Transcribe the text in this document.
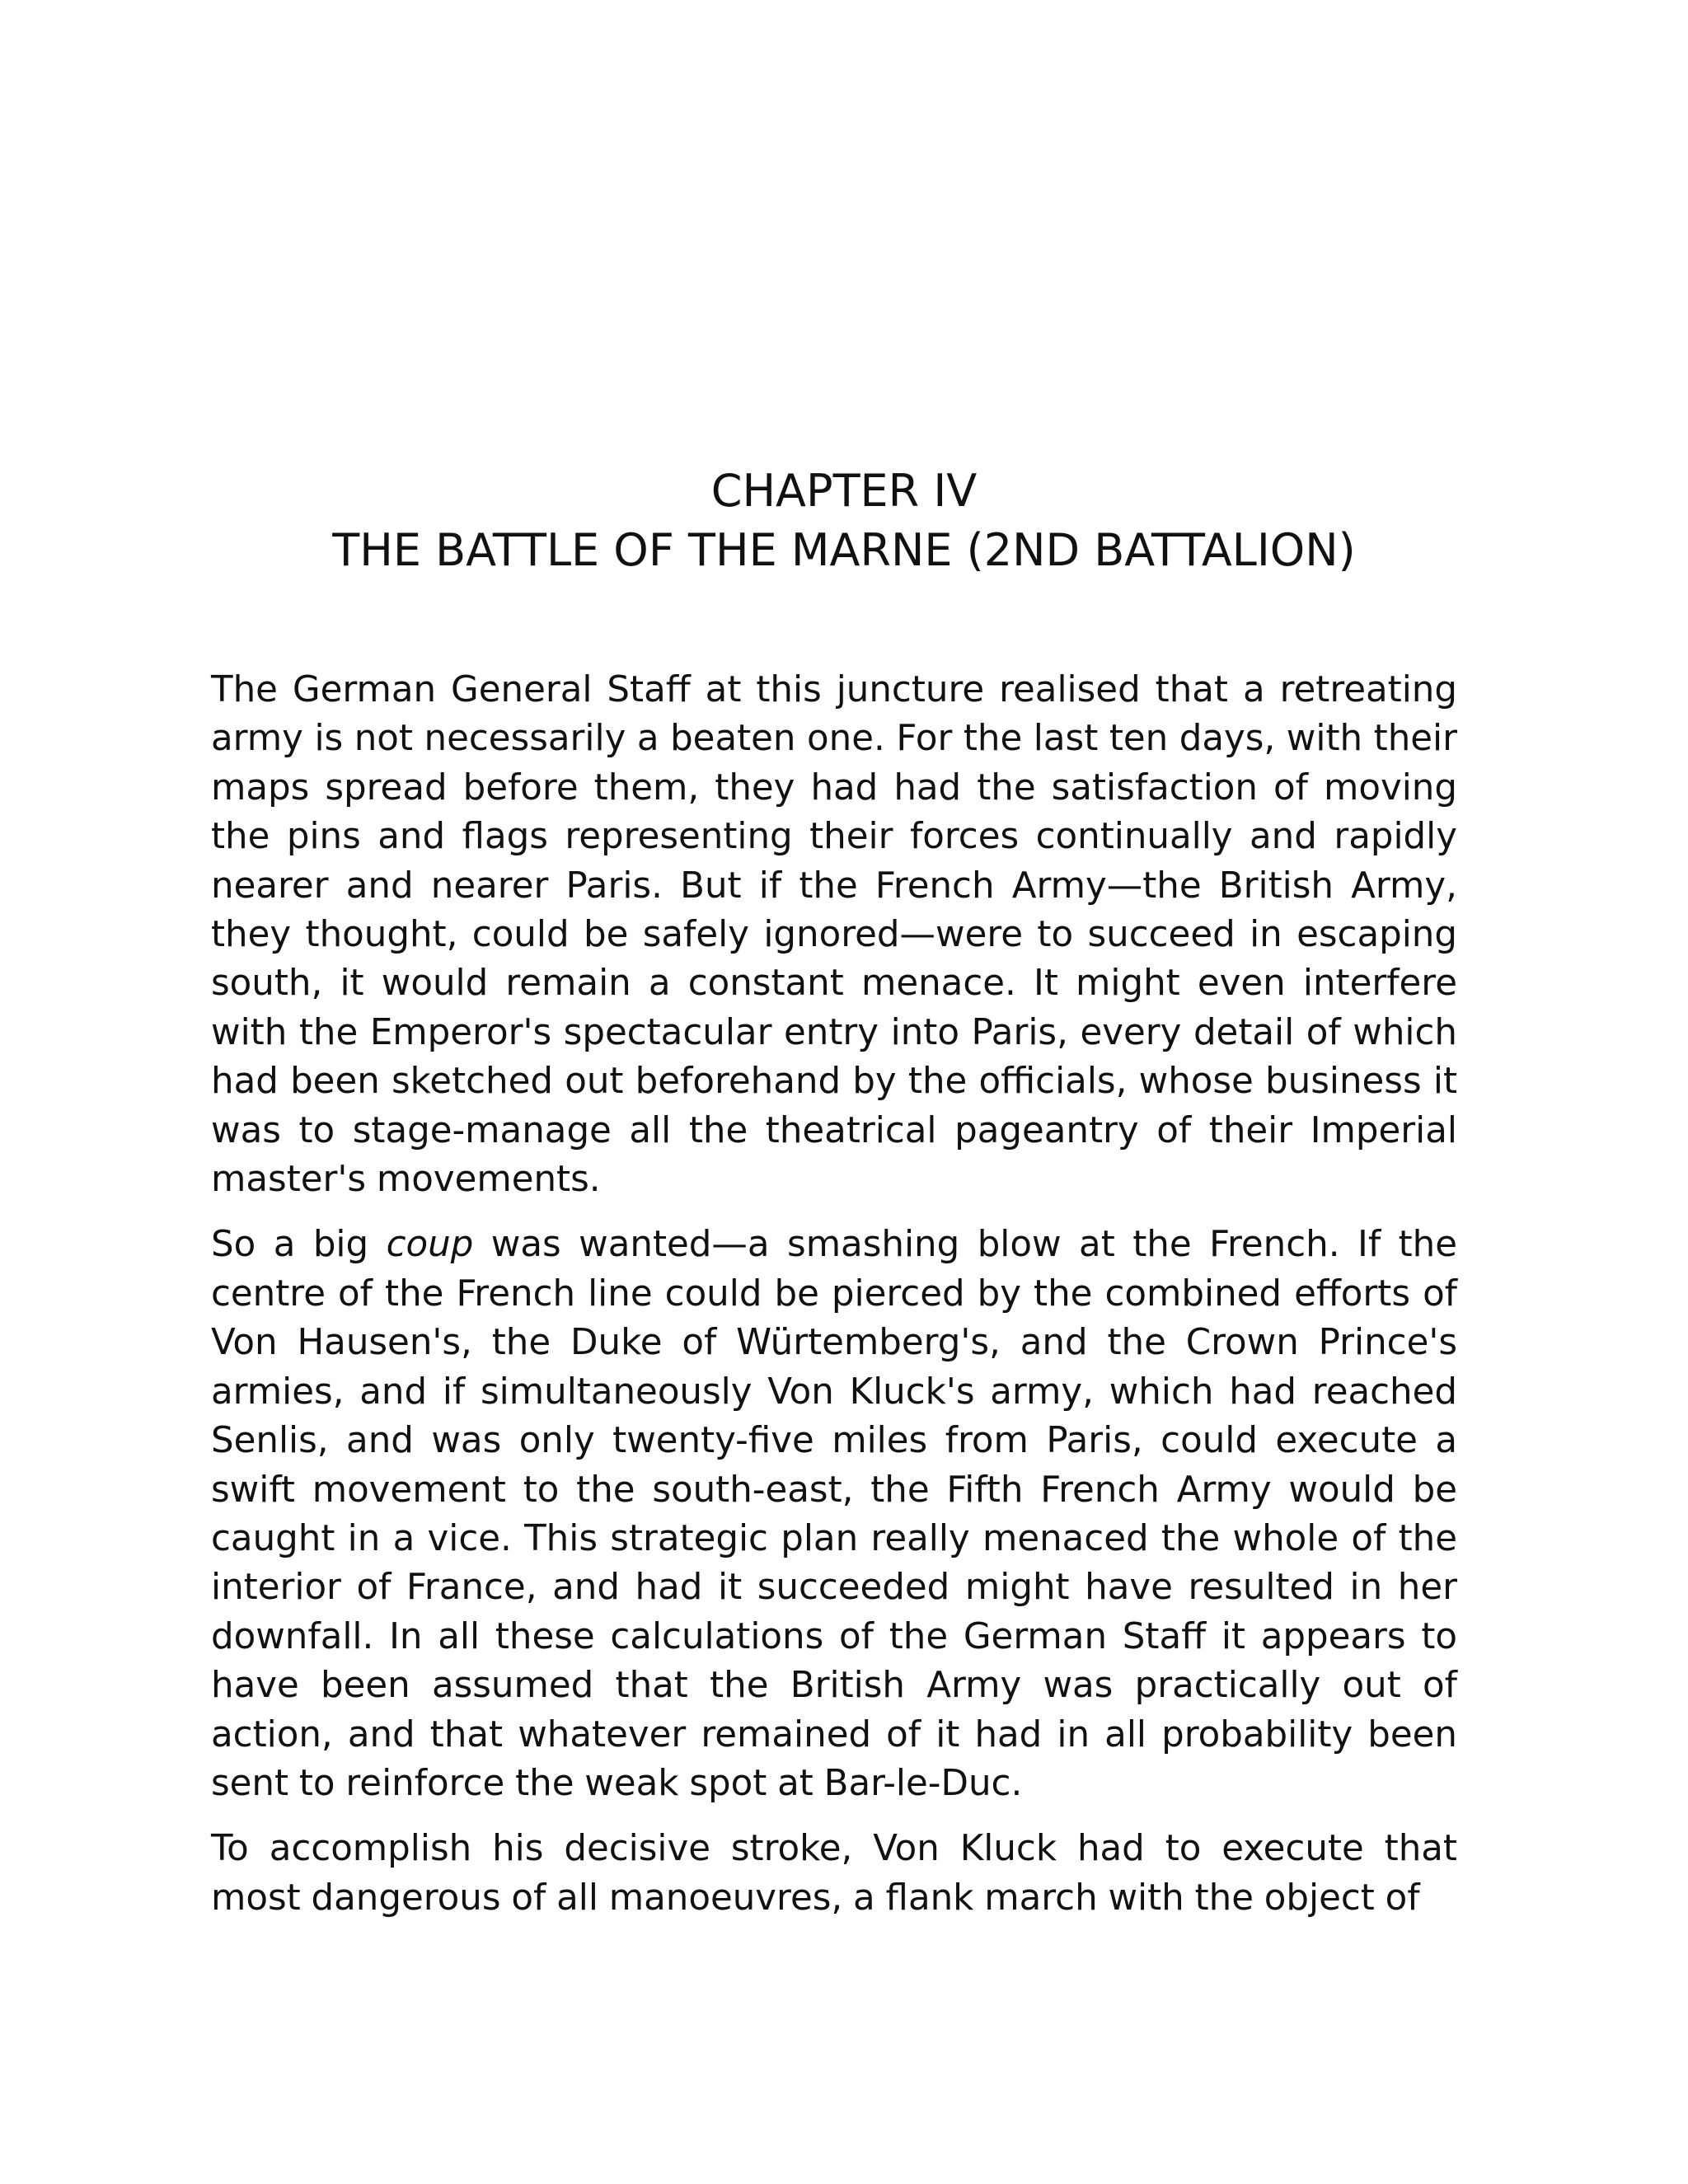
CHAPTER IV
THE BATTLE OF THE MARNE (2ND BATTALION)

The German General Staff at this juncture realised that a retreating army is not necessarily a beaten one. For the last ten days, with their maps spread before them, they had had the satisfaction of moving the pins and flags representing their forces continually and rapidly nearer and nearer Paris. But if the French Army—the British Army, they thought, could be safely ignored—were to succeed in escaping south, it would remain a constant menace. It might even interfere with the Emperor's spectacular entry into Paris, every detail of which had been sketched out beforehand by the officials, whose business it was to stage-manage all the theatrical pageantry of their Imperial master's movements.

So a big coup was wanted—a smashing blow at the French. If the centre of the French line could be pierced by the combined efforts of Von Hausen's, the Duke of Würtemberg's, and the Crown Prince's armies, and if simultaneously Von Kluck's army, which had reached Senlis, and was only twenty-five miles from Paris, could execute a swift movement to the south-east, the Fifth French Army would be caught in a vice. This strategic plan really menaced the whole of the interior of France, and had it succeeded might have resulted in her downfall. In all these calculations of the German Staff it appears to have been assumed that the British Army was practically out of action, and that whatever remained of it had in all probability been sent to reinforce the weak spot at Bar-le-Duc.

To accomplish his decisive stroke, Von Kluck had to execute that most dangerous of all manoeuvres, a flank march with the object of
